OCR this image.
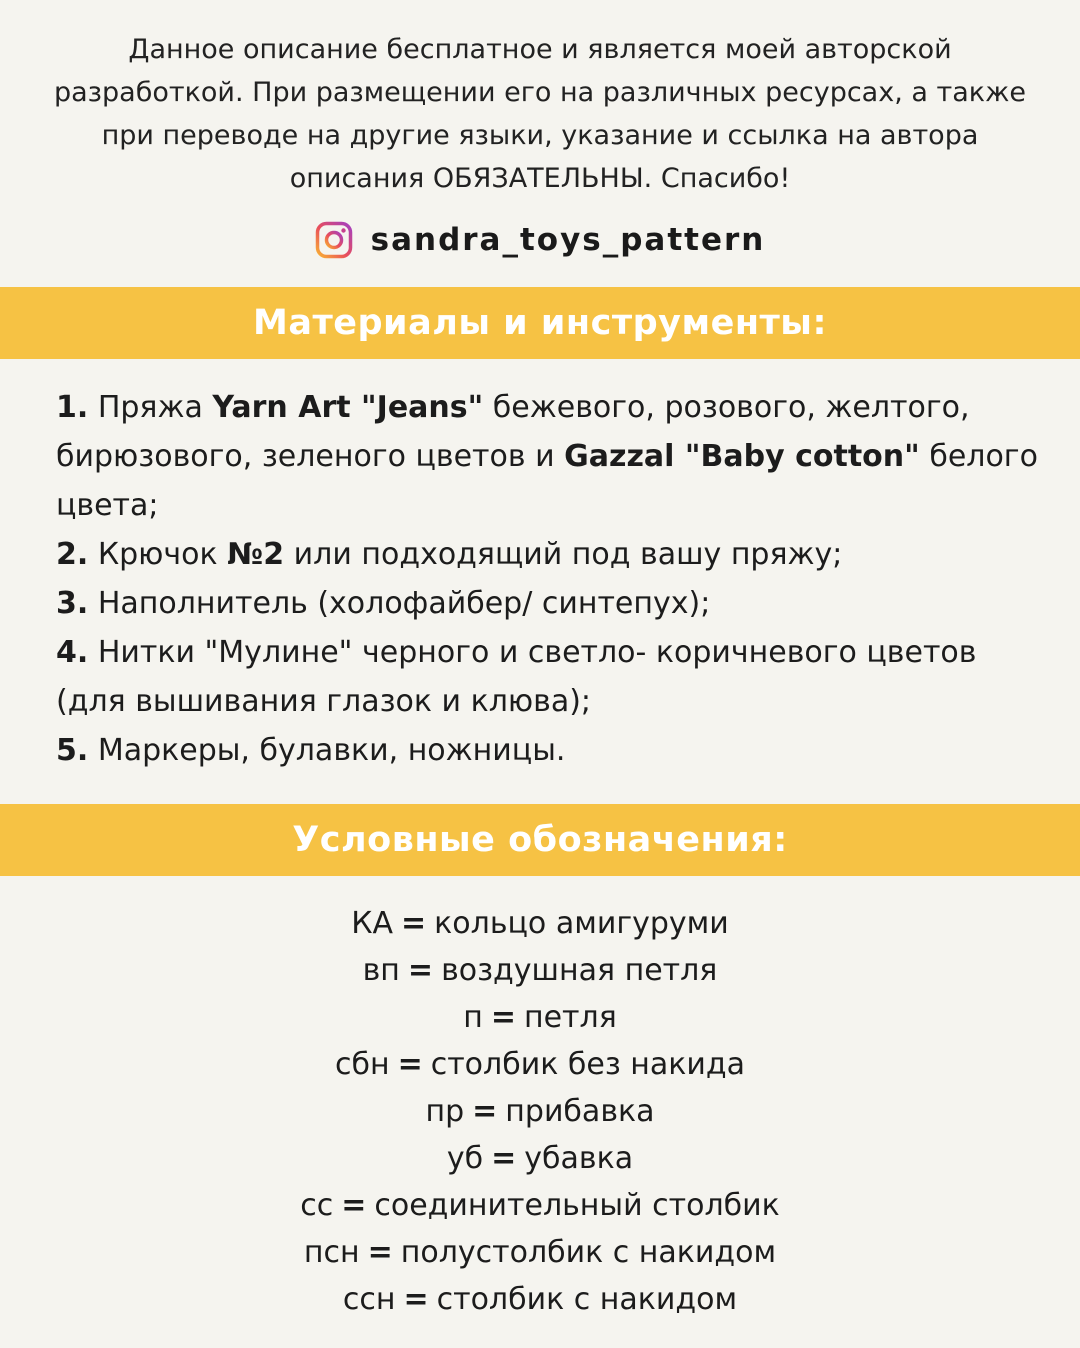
Данное описание бесплатное и является моей авторской

разработкой. При размещении его на различных ресурсах, а также

при переводе на другие языки, указание и ссылка на автора

описания ОБЯЗАТЕЛЬНЫ. Спасибо!

sandra_toys_pattern
Материалы и инструменты:

1. Пряжа Yarn Art "Jeans" бежевого, розового, желтого, бирюзового, зеленого цветов и Gazzal "Baby cotton" белого цвета;

2. Крючок №2 или подходящий под вашу пряжу;

3. Наполнитель (холофайбер/ синтепух);

4. Нитки "Мулине" черного и светло- коричневого цветов (для вышивания глазок и клюва);

5. Маркеры, булавки, ножницы.

Условные обозначения:

КА = кольцо амигуруми

вп = воздушная петля

п = петля

сбн = столбик без накида

пр = прибавка

уб = убавка

сс = соединительный столбик

псн = полустолбик с накидом

ссн = столбик с накидом
